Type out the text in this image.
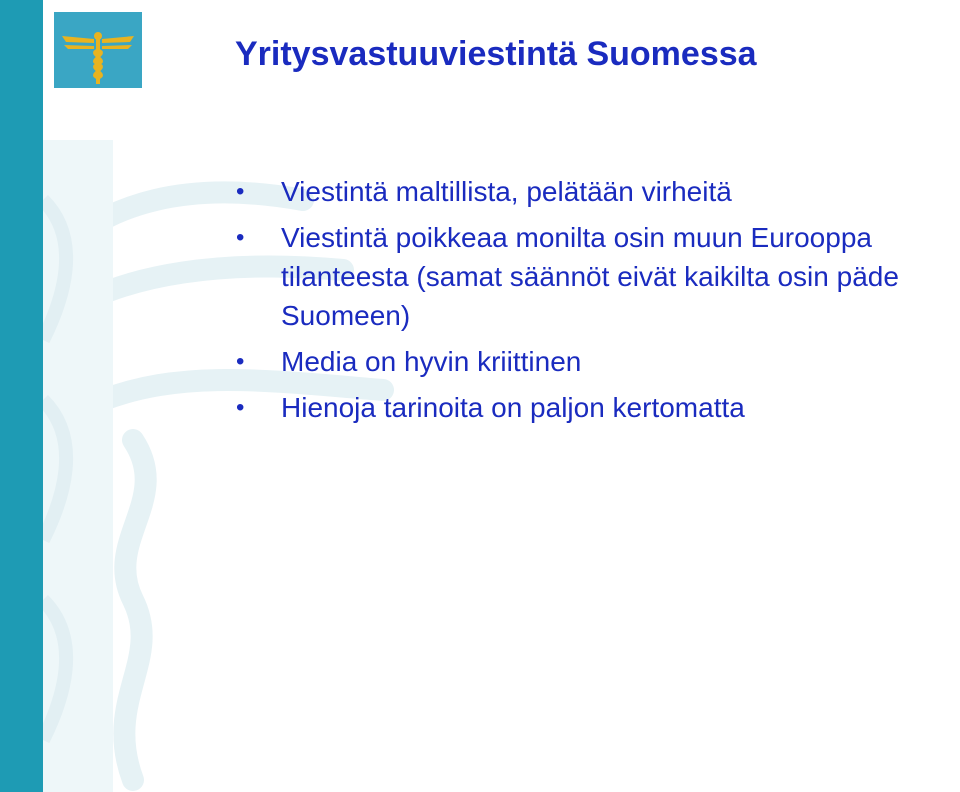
Yritysvastuuviestintä Suomessa
• Viestintä maltillista, pelätään virheitä
• Viestintä poikkeaa monilta osin muun Eurooppa tilanteesta (samat säännöt eivät kaikilta osin päde Suomeen)
• Media on hyvin kriittinen
• Hienoja tarinoita on paljon kertomatta
